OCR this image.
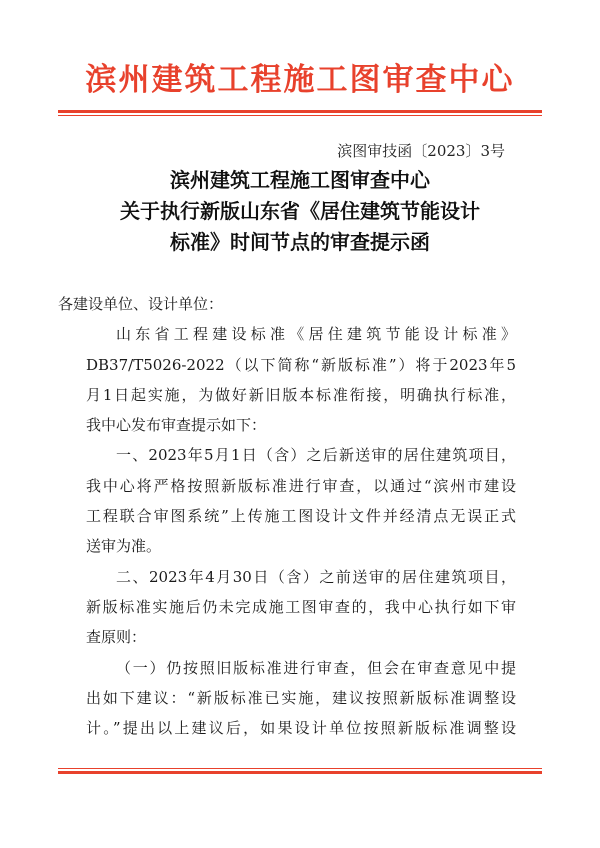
滨州建筑工程施工图审查中心
滨图审技函〔2023〕3号
滨州建筑工程施工图审查中心
关于执行新版山东省《居住建筑节能设计
标准》时间节点的审查提示函
各建设单位、设计单位：
山东省工程建设标准《居住建筑节能设计标准》
DB37/T5026-2022（以下简称“新版标准”）将于2023年5
月1日起实施，为做好新旧版本标准衔接，明确执行标准，
我中心发布审查提示如下：
一、2023年5月1日（含）之后新送审的居住建筑项目，
我中心将严格按照新版标准进行审查，以通过“滨州市建设
工程联合审图系统”上传施工图设计文件并经清点无误正式
送审为准。
二、2023年4月30日（含）之前送审的居住建筑项目，
新版标准实施后仍未完成施工图审查的，我中心执行如下审
查原则：
（一）仍按照旧版标准进行审查，但会在审查意见中提
出如下建议：“新版标准已实施，建议按照新版标准调整设
计。”提出以上建议后，如果设计单位按照新版标准调整设
